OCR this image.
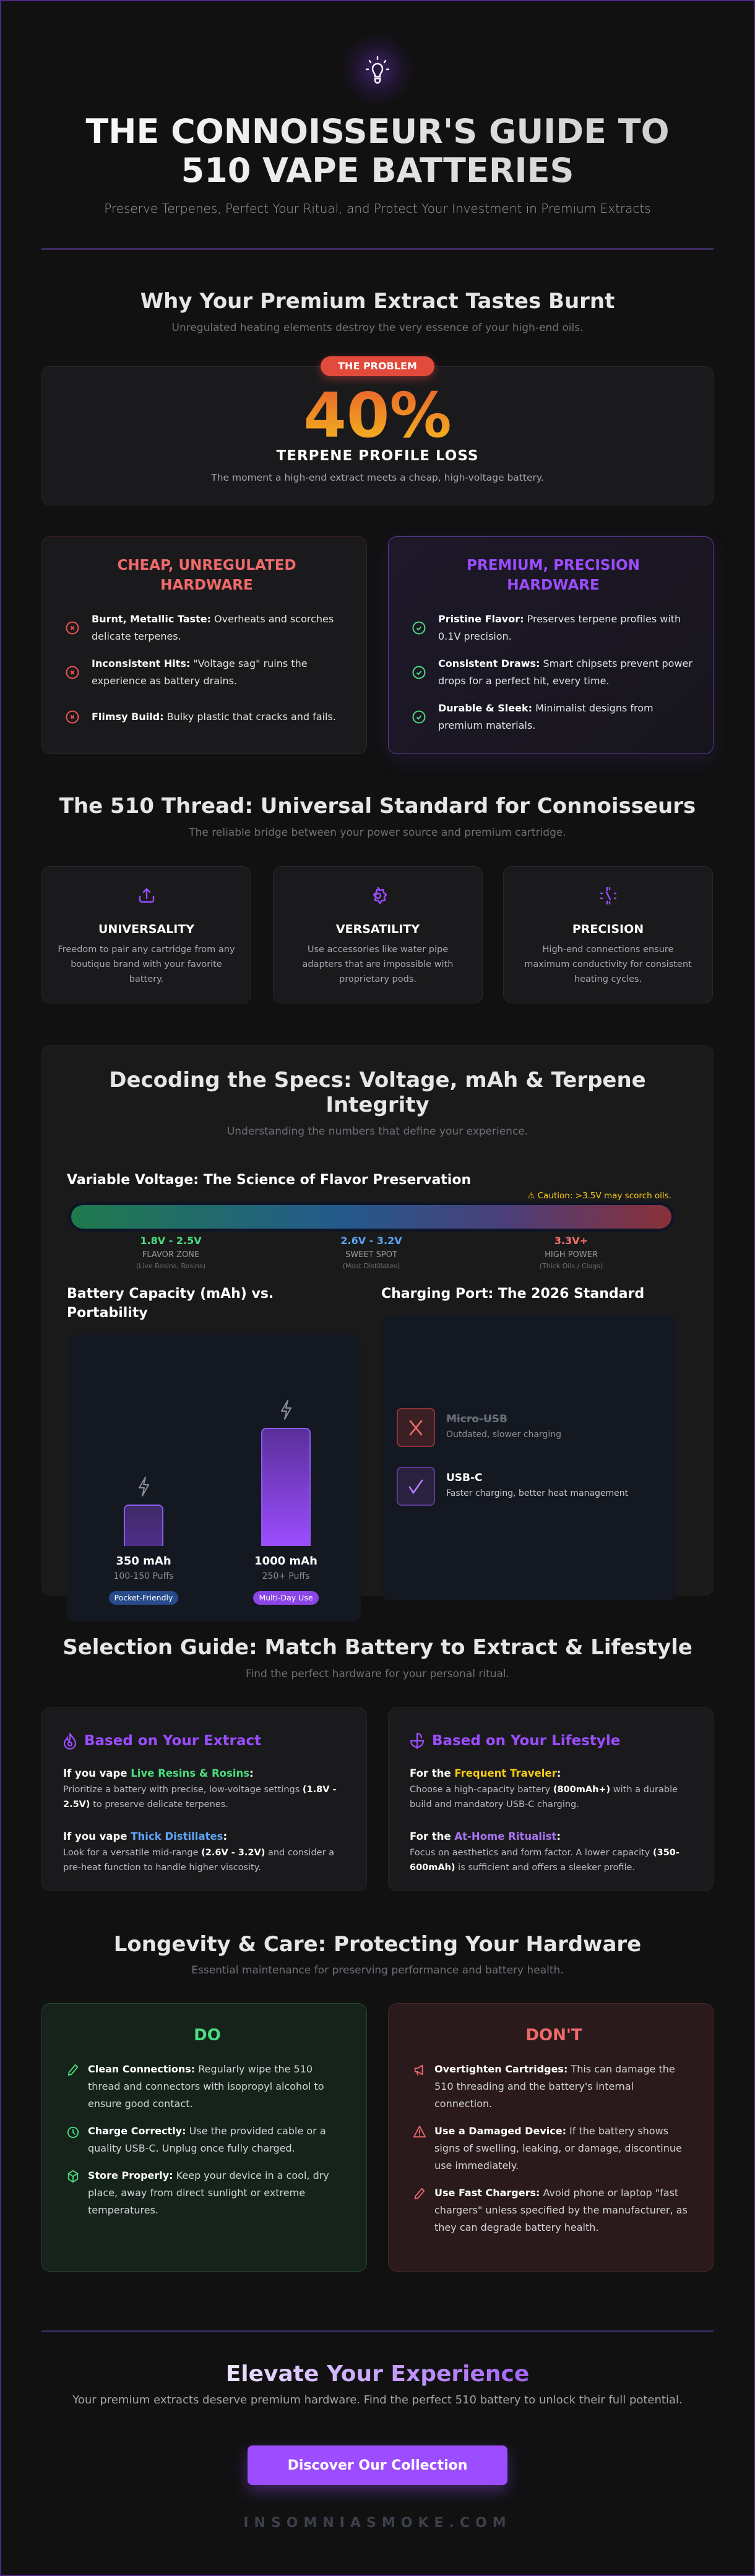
THE CONNOISSEUR'S GUIDE TO
510 VAPE BATTERIES

Preserve Terpenes, Perfect Your Ritual, and Protect Your Investment in Premium Extracts

Why Your Premium Extract Tastes Burnt

Unregulated heating elements destroy the very essence of your high-end oils.

40%
TERPENE PROFILE LOSS
The moment a high-end extract meets a cheap, high-voltage battery.
THE PROBLEM
CHEAP, UNREGULATED HARDWARE
Burnt, Metallic Taste: Overheats and scorches delicate terpenes.
Inconsistent Hits: "Voltage sag" ruins the experience as battery drains.
Flimsy Build: Bulky plastic that cracks and fails.
PREMIUM, PRECISION HARDWARE
Pristine Flavor: Preserves terpene profiles with 0.1V precision.
Consistent Draws: Smart chipsets prevent power drops for a perfect hit, every time.
Durable & Sleek: Minimalist designs from premium materials.
The 510 Thread: Universal Standard for Connoisseurs

The reliable bridge between your power source and premium cartridge.

UNIVERSALITY

Freedom to pair any cartridge from any boutique brand with your favorite battery.

VERSATILITY

Use accessories like water pipe adapters that are impossible with proprietary pods.

PRECISION

High-end connections ensure maximum conductivity for consistent heating cycles.

Decoding the Specs: Voltage, mAh & Terpene Integrity

Understanding the numbers that define your experience.

Variable Voltage: The Science of Flavor Preservation
⚠ Caution: >3.5V may scorch oils.
1.8V - 2.5V
FLAVOR ZONE
(Live Resins, Rosins)
2.6V - 3.2V
SWEET SPOT
(Most Distillates)
3.3V+
HIGH POWER
(Thick Oils / Clogs)
Battery Capacity (mAh) vs. Portability
Charging Port: The 2026 Standard
350 mAh
100-150 Puffs
Pocket-Friendly
1000 mAh
250+ Puffs
Multi-Day Use
Micro-USB
Outdated, slower charging
USB-C
Faster charging, better heat management
Selection Guide: Match Battery to Extract & Lifestyle

Find the perfect hardware for your personal ritual.

Based on Your Extract
If you vape Live Resins & Rosins:
Prioritize a battery with precise, low-voltage settings (1.8V - 2.5V) to preserve delicate terpenes.
If you vape Thick Distillates:
Look for a versatile mid-range (2.6V - 3.2V) and consider a pre-heat function to handle higher viscosity.
Based on Your Lifestyle
For the Frequent Traveler:
Choose a high-capacity battery (800mAh+) with a durable build and mandatory USB-C charging.
For the At-Home Ritualist:
Focus on aesthetics and form factor. A lower capacity (350-600mAh) is sufficient and offers a sleeker profile.
Longevity & Care: Protecting Your Hardware

Essential maintenance for preserving performance and battery health.

DO
Clean Connections: Regularly wipe the 510 thread and connectors with isopropyl alcohol to ensure good contact.
Charge Correctly: Use the provided cable or a quality USB-C. Unplug once fully charged.
Store Properly: Keep your device in a cool, dry place, away from direct sunlight or extreme temperatures.
DON'T
Overtighten Cartridges: This can damage the 510 threading and the battery's internal connection.
Use a Damaged Device: If the battery shows signs of swelling, leaking, or damage, discontinue use immediately.
Use Fast Chargers: Avoid phone or laptop "fast chargers" unless specified by the manufacturer, as they can degrade battery health.
Elevate Your Experience

Your premium extracts deserve premium hardware. Find the perfect 510 battery to unlock their full potential.

Discover Our Collection
INSOMNIASMOKE.COM
